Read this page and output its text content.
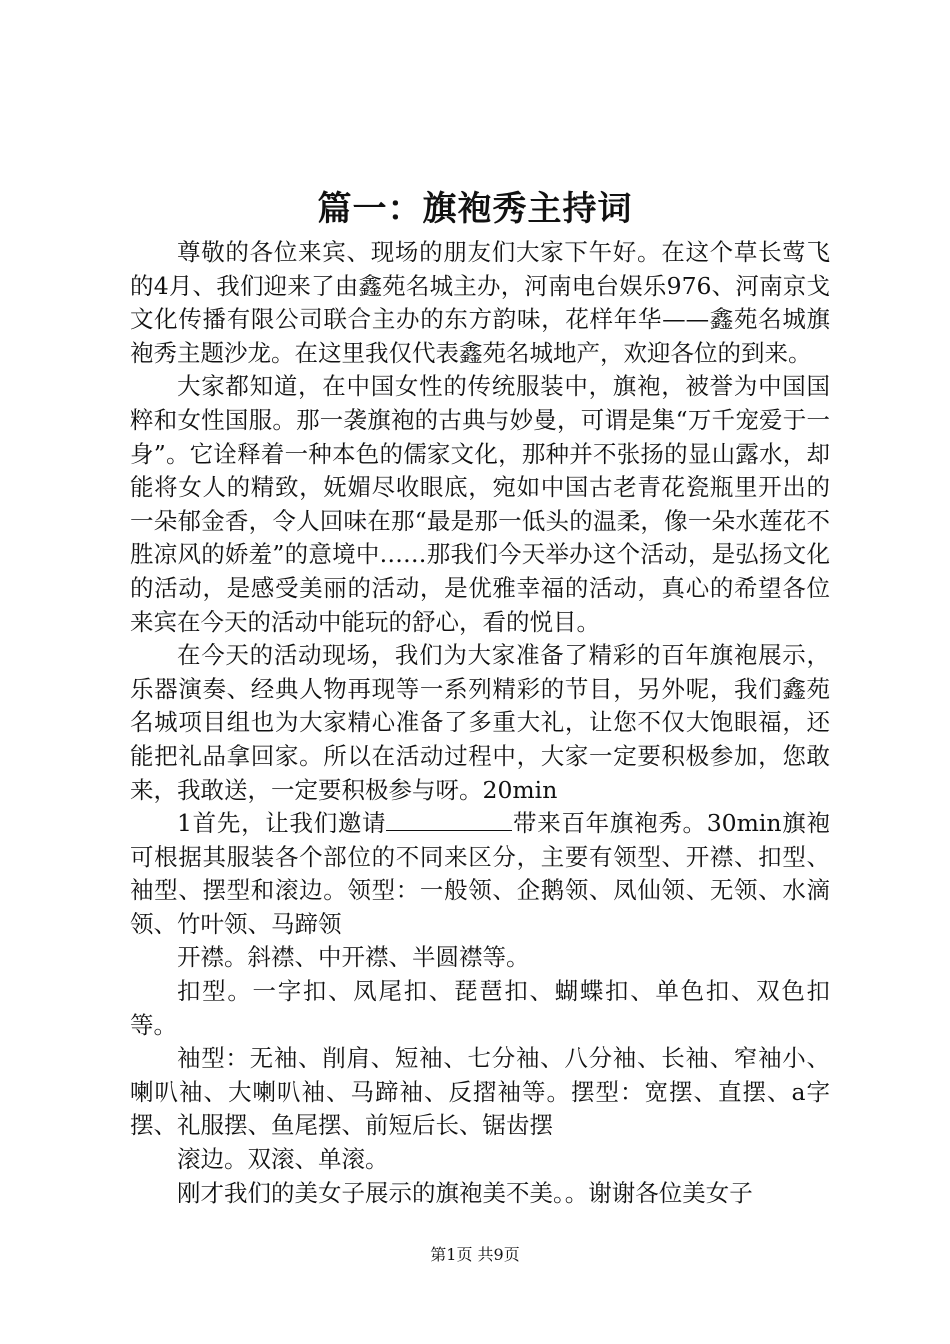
篇一：旗袍秀主持词

尊敬的各位来宾、现场的朋友们大家下午好。在这个草长莺飞的4月、我们迎来了由鑫苑名城主办，河南电台娱乐976、河南京戈文化传播有限公司联合主办的东方韵味，花样年华——鑫苑名城旗袍秀主题沙龙。在这里我仅代表鑫苑名城地产，欢迎各位的到来。

大家都知道，在中国女性的传统服装中，旗袍，被誉为中国国粹和女性国服。那一袭旗袍的古典与妙曼，可谓是集“万千宠爱于一身”。它诠释着一种本色的儒家文化，那种并不张扬的显山露水，却能将女人的精致，妩媚尽收眼底，宛如中国古老青花瓷瓶里开出的一朵郁金香，令人回味在那“最是那一低头的温柔，像一朵水莲花不胜凉风的娇羞”的意境中……那我们今天举办这个活动，是弘扬文化的活动，是感受美丽的活动，是优雅幸福的活动，真心的希望各位来宾在今天的活动中能玩的舒心，看的悦目。

在今天的活动现场，我们为大家准备了精彩的百年旗袍展示，乐器演奏、经典人物再现等一系列精彩的节目，另外呢，我们鑫苑名城项目组也为大家精心准备了多重大礼，让您不仅大饱眼福，还能把礼品拿回家。所以在活动过程中，大家一定要积极参加，您敢来，我敢送，一定要积极参与呀。20min

1首先，让我们邀请	带来百年旗袍秀。30min旗袍可根据其服装各个部位的不同来区分，主要有领型、开襟、扣型、袖型、摆型和滚边。领型：一般领、企鹅领、凤仙领、无领、水滴领、竹叶领、马蹄领

开襟。斜襟、中开襟、半圆襟等。

扣型。一字扣、凤尾扣、琵琶扣、蝴蝶扣、单色扣、双色扣等。

袖型：无袖、削肩、短袖、七分袖、八分袖、长袖、窄袖小、喇叭袖、大喇叭袖、马蹄袖、反摺袖等。摆型：宽摆、直摆、a字摆、礼服摆、鱼尾摆、前短后长、锯齿摆

滚边。双滚、单滚。

刚才我们的美女子展示的旗袍美不美。。谢谢各位美女子

第1页 共9页
